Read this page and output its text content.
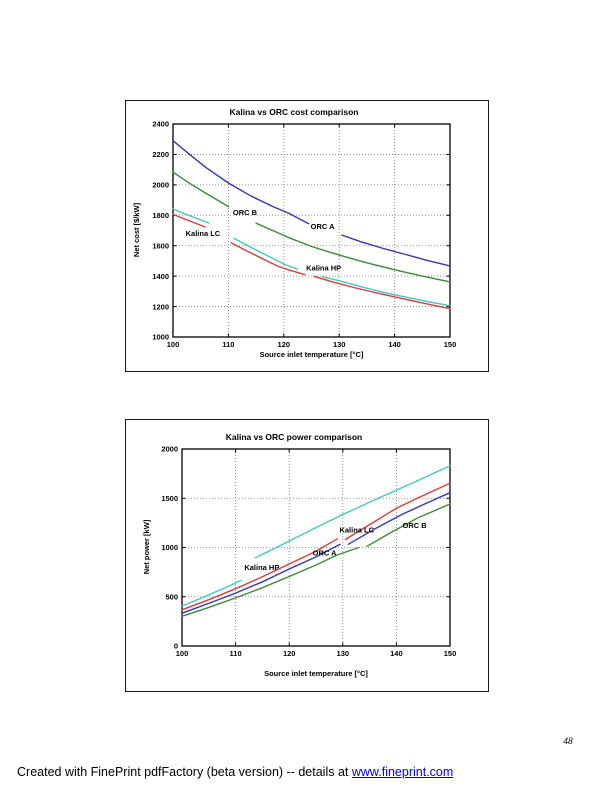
Kalina vs ORC cost comparison
100	110	120	130	140	150
1000
1200
1400
1600
1800
2000
2200
2400
ORC A
ORC B
Kalina LC
Kalina HP
Source inlet temperature [°C]
Net cost [$/kW]
Kalina vs ORC power comparison
100	110	120	130	140	150
0
500
1000
1500
2000
Kalina LC
Kalina HP
ORC A
ORC B
Source inlet temperature [°C]
Net power [kW]
Created with FinePrint pdfFactory (beta version) -- details at www.fineprint.com
48
